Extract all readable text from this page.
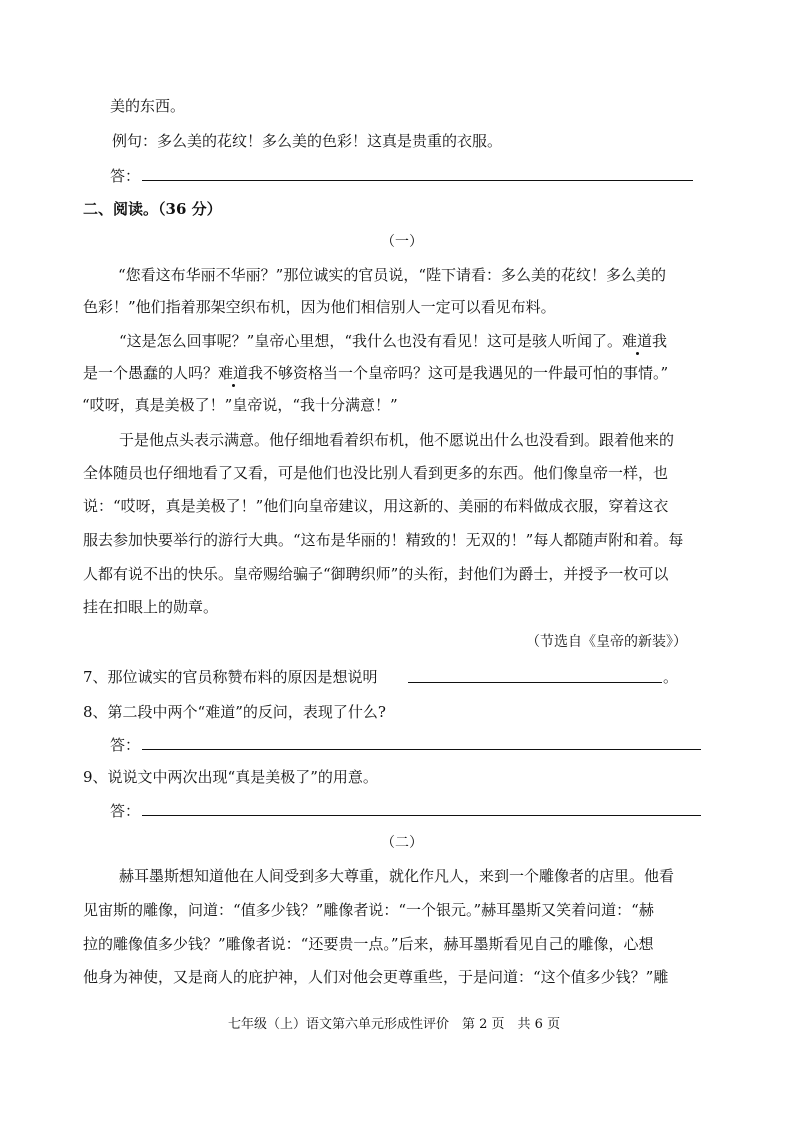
美的东西。
例句：多么美的花纹！多么美的色彩！这真是贵重的衣服。
答：
二、阅读。（36 分）
（一）
“您看这布华丽不华丽？”那位诚实的官员说，“陛下请看：多么美的花纹！多么美的
色彩！”他们指着那架空织布机，因为他们相信别人一定可以看见布料。
“这是怎么回事呢？”皇帝心里想，“我什么也没有看见！这可是骇人听闻了。难道我
是一个愚蠢的人吗？难道我不够资格当一个皇帝吗？这可是我遇见的一件最可怕的事情。”
“哎呀，真是美极了！”皇帝说，“我十分满意！”
于是他点头表示满意。他仔细地看着织布机，他不愿说出什么也没看到。跟着他来的
全体随员也仔细地看了又看，可是他们也没比别人看到更多的东西。他们像皇帝一样，也
说：“哎呀，真是美极了！”他们向皇帝建议，用这新的、美丽的布料做成衣服，穿着这衣
服去参加快要举行的游行大典。“这布是华丽的！精致的！无双的！”每人都随声附和着。每
人都有说不出的快乐。皇帝赐给骗子“御聘织师”的头衔，封他们为爵士，并授予一枚可以
挂在扣眼上的勋章。
（节选自《皇帝的新装》）
7、那位诚实的官员称赞布料的原因是想说明	。
8、第二段中两个“难道”的反问，表现了什么?
答：
9、说说文中两次出现“真是美极了”的用意。
答：
（二）
赫耳墨斯想知道他在人间受到多大尊重，就化作凡人，来到一个雕像者的店里。他看
见宙斯的雕像，问道：“值多少钱？”雕像者说：“一个银元。”赫耳墨斯又笑着问道：“赫
拉的雕像值多少钱？”雕像者说：“还要贵一点。”后来，赫耳墨斯看见自己的雕像，心想
他身为神使，又是商人的庇护神，人们对他会更尊重些，于是问道：“这个值多少钱？”雕
七年级（上）语文第六单元形成性评价　第 2 页　共 6 页
